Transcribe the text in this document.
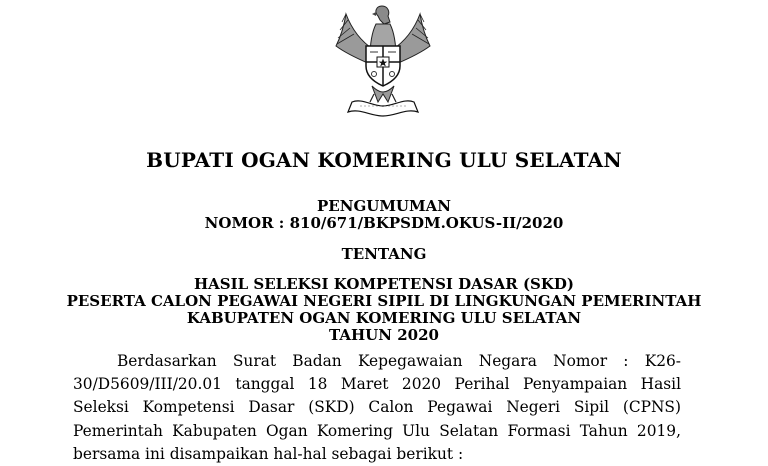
BUPATI OGAN KOMERING ULU SELATAN
PENGUMUMAN
NOMOR : 810/671/BKPSDM.OKUS-II/2020
TENTANG
HASIL SELEKSI KOMPETENSI DASAR (SKD)
PESERTA CALON PEGAWAI NEGERI SIPIL DI LINGKUNGAN PEMERINTAH
KABUPATEN OGAN KOMERING ULU SELATAN
TAHUN 2020
Berdasarkan Surat Badan Kepegawaian Negara Nomor : K26-30/D5609/III/20.01 tanggal 18 Maret 2020 Perihal Penyampaian Hasil Seleksi Kompetensi Dasar (SKD) Calon Pegawai Negeri Sipil (CPNS) Pemerintah Kabupaten Ogan Komering Ulu Selatan Formasi Tahun 2019, bersama ini disampaikan hal-hal sebagai berikut :
